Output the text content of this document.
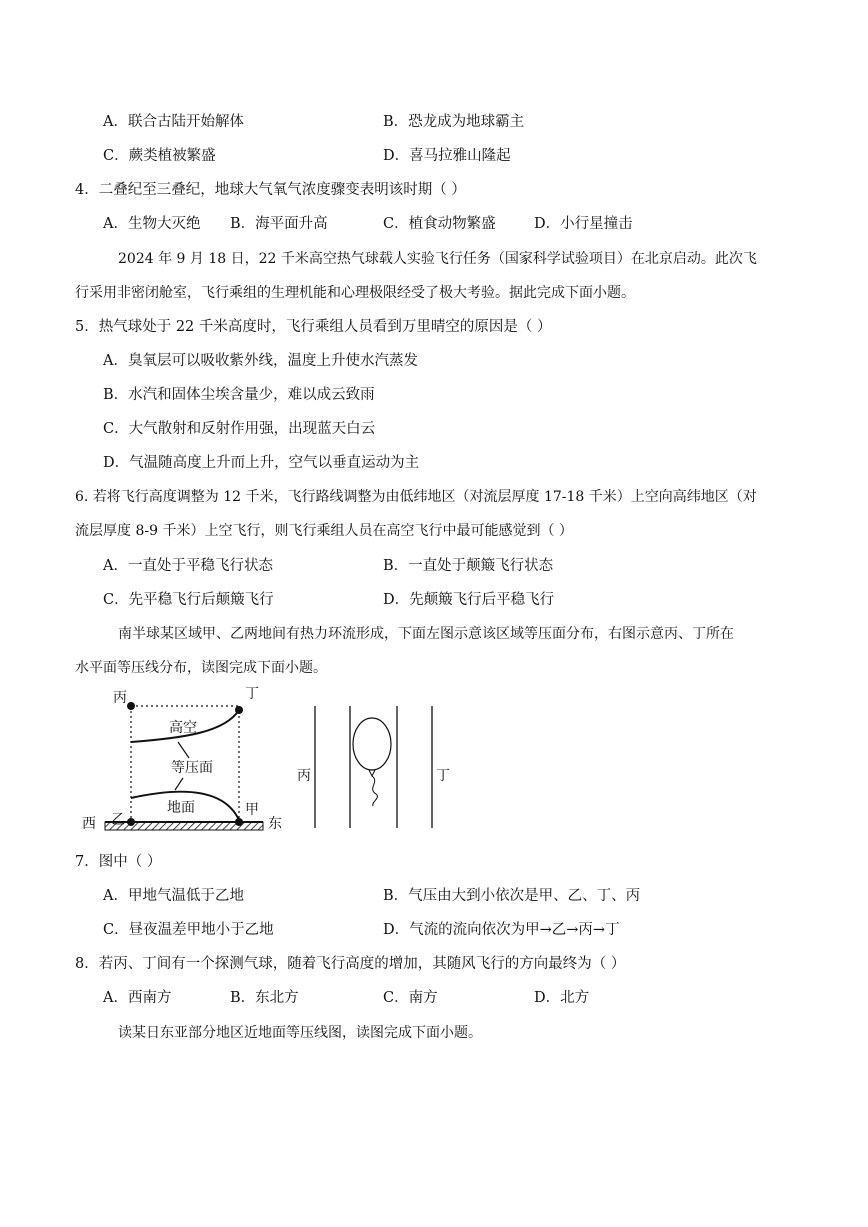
A．联合古陆开始解体	B．恐龙成为地球霸主
C．蕨类植被繁盛	D．喜马拉雅山隆起
4．二叠纪至三叠纪，地球大气氧气浓度骤变表明该时期（ ）
A．生物大灭绝 B．海平面升高	C．植食动物繁盛	D．小行星撞击
2024 年 9 月 18 日，22 千米高空热气球载人实验飞行任务（国家科学试验项目）在北京启动。此次飞
行采用非密闭舱室，飞行乘组的生理机能和心理极限经受了极大考验。据此完成下面小题。
5．热气球处于 22 千米高度时，飞行乘组人员看到万里晴空的原因是（ ）
A．臭氧层可以吸收紫外线，温度上升使水汽蒸发
B．水汽和固体尘埃含量少，难以成云致雨
C．大气散射和反射作用强，出现蓝天白云
D．气温随高度上升而上升，空气以垂直运动为主
6. 若将飞行高度调整为 12 千米，飞行路线调整为由低纬地区（对流层厚度 17-18 千米）上空向高纬地区（对
流层厚度 8-9 千米）上空飞行，则飞行乘组人员在高空飞行中最可能感觉到（ ）
A．一直处于平稳飞行状态	B．一直处于颠簸飞行状态
C．先平稳飞行后颠簸飞行	D．先颠簸飞行后平稳飞行
南半球某区域甲、乙两地间有热力环流形成，下面左图示意该区域等压面分布，右图示意丙、丁所在
水平面等压线分布，读图完成下面小题。
丙	丁
乙
甲
西	东
高空
等压面
地面
丙	丁
7．图中（ ）
A．甲地气温低于乙地	B．气压由大到小依次是甲、乙、丁、丙
C．昼夜温差甲地小于乙地	D．气流的流向依次为甲→乙→丙→丁
8．若丙、丁间有一个探测气球，随着飞行高度的增加，其随风飞行的方向最终为（ ）
A．西南方	B．东北方	C．南方	D．北方
读某日东亚部分地区近地面等压线图，读图完成下面小题。
